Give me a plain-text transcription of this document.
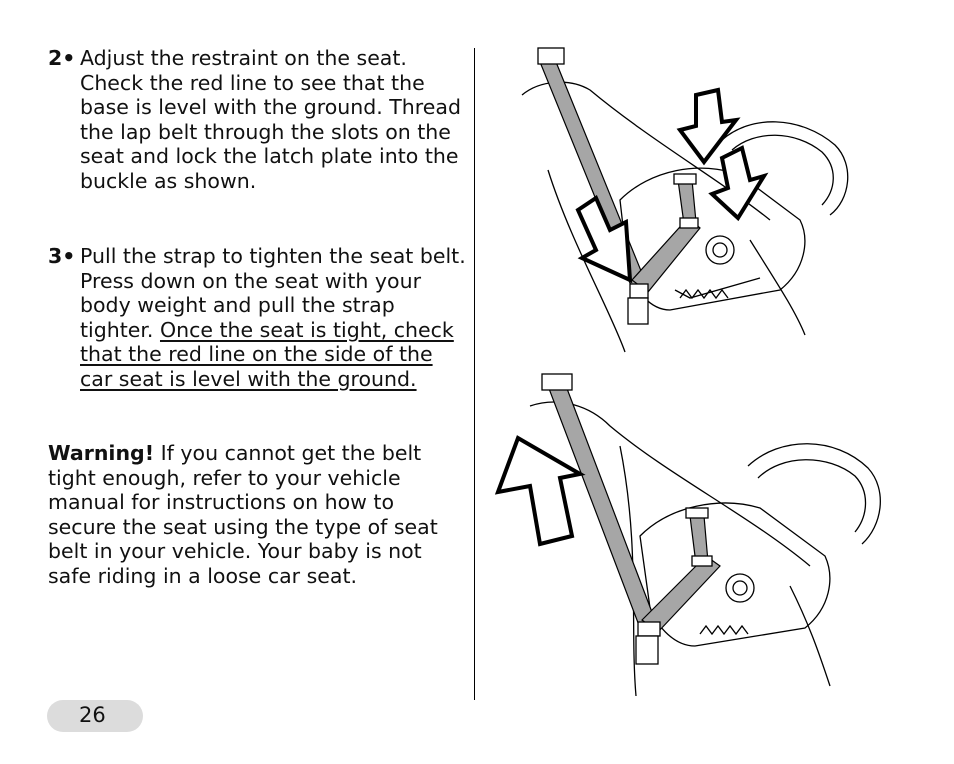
2• Adjust the restraint on the seat. Check the red line to see that the base is level with the ground. Thread the lap belt through the slots on the seat and lock the latch plate into the buckle as shown.
3• Pull the strap to tighten the seat belt. Press down on the seat with your body weight and pull the strap tighter. Once the seat is tight, check that the red line on the side of the car seat is level with the ground.
Warning! If you cannot get the belt tight enough, refer to your vehicle manual for instructions on how to secure the seat using the type of seat belt in your vehicle. Your baby is not safe riding in a loose car seat.
26
